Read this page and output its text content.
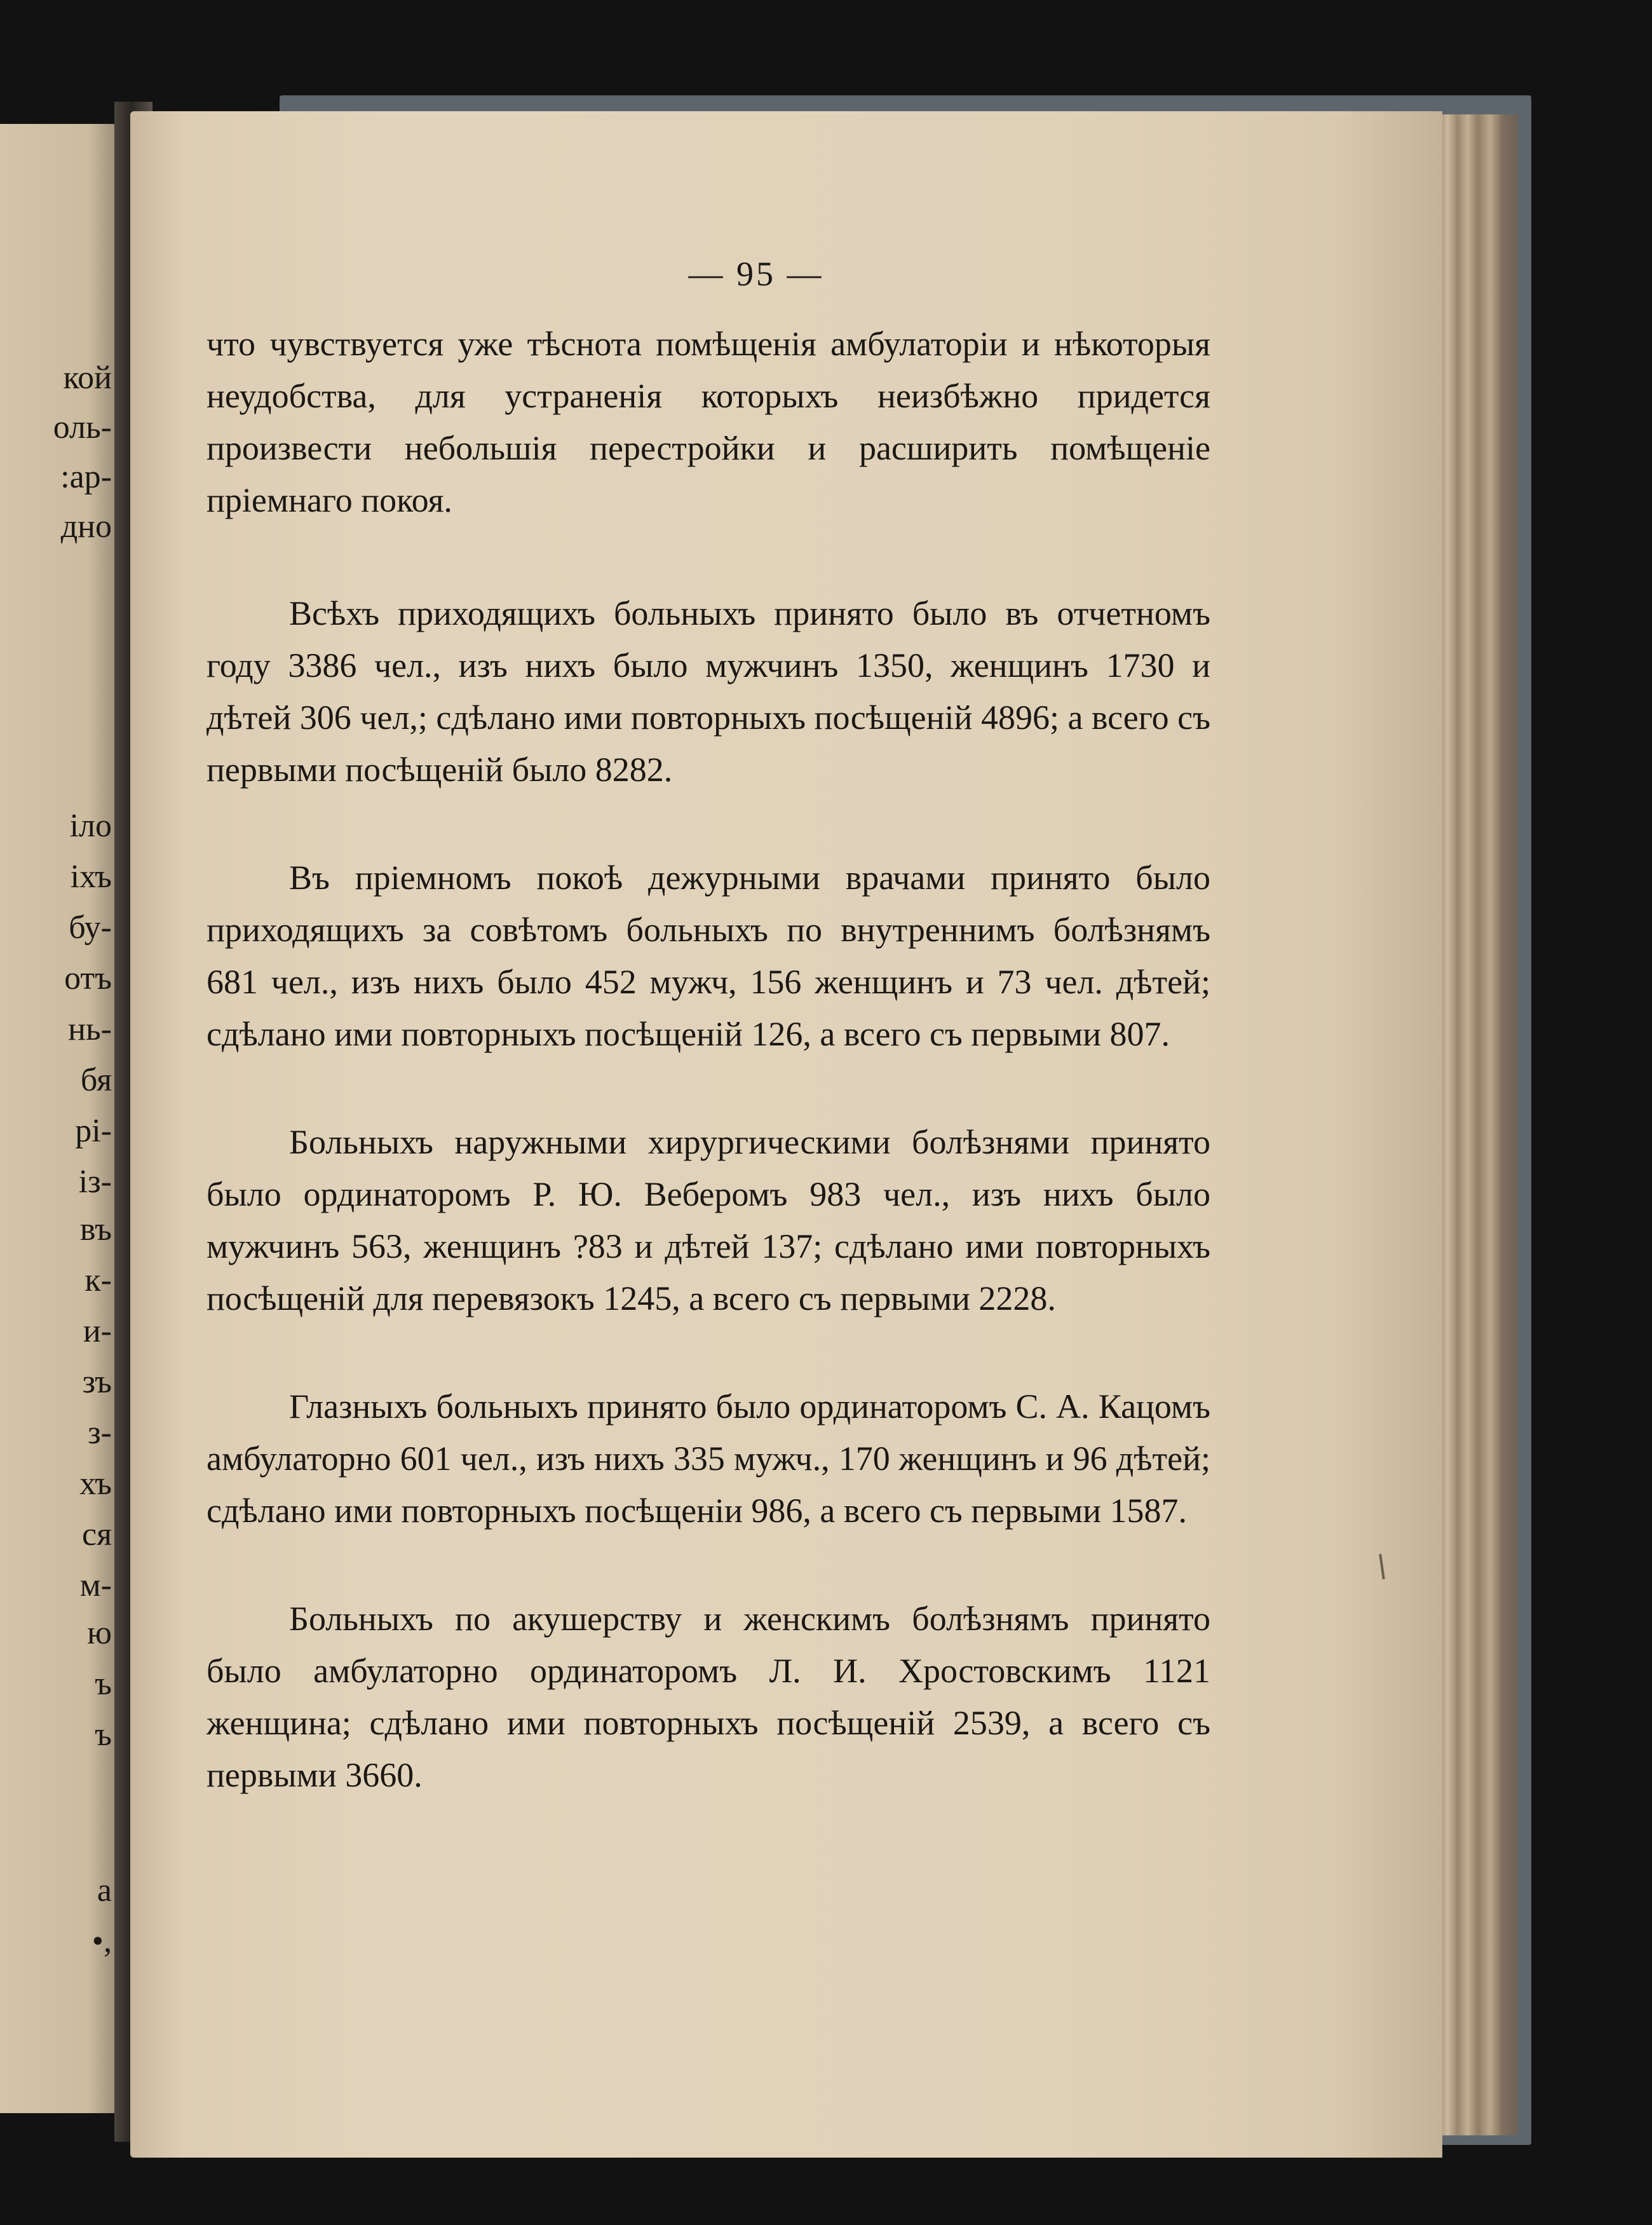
кой
оль-
:ар-
дно
іло
іхъ
бу-
отъ
нь-
бя
рі-
із-
въ
к-
и-
зъ
з-
хъ
ся
м-
ю
ъ
ъ
а
•,
— 95 —

что чувствуется уже тѣснота помѣщенія амбулаторіи и нѣкоторыя неудобства, для устраненія которыхъ неизбѣжно придется произвести небольшія перестройки и расширить помѣщеніе пріемнаго покоя.

Всѣхъ приходящихъ больныхъ принято было въ отчетномъ году 3386 чел., изъ нихъ было мужчинъ 1350, женщинъ 1730 и дѣтей 306 чел,; сдѣлано ими повторныхъ посѣщеній 4896; а всего съ первыми посѣщеній было 8282.

Въ пріемномъ покоѣ дежурными врачами принято было приходящихъ за совѣтомъ больныхъ по внутреннимъ болѣзнямъ 681 чел., изъ нихъ было 452 мужч, 156 женщинъ и 73 чел. дѣтей; сдѣлано ими повторныхъ посѣщеній 126, а всего съ первыми 807.

Больныхъ наружными хирургическими болѣзнями принято было ординаторомъ Р. Ю. Веберомъ 983 чел., изъ нихъ было мужчинъ 563, женщинъ ?83 и дѣтей 137; сдѣлано ими повторныхъ посѣщеній для перевязокъ 1245, а всего съ первыми 2228.

Глазныхъ больныхъ принято было ординаторомъ С. А. Кацомъ амбулаторно 601 чел., изъ нихъ 335 мужч., 170 женщинъ и 96 дѣтей; сдѣлано ими повторныхъ посѣщеніи 986, а всего съ первыми 1587.

Больныхъ по акушерству и женскимъ болѣзнямъ принято было амбулаторно ординаторомъ Л. И. Хростовскимъ 1121 женщина; сдѣлано ими повторныхъ посѣщеній 2539, а всего съ первыми 3660.
